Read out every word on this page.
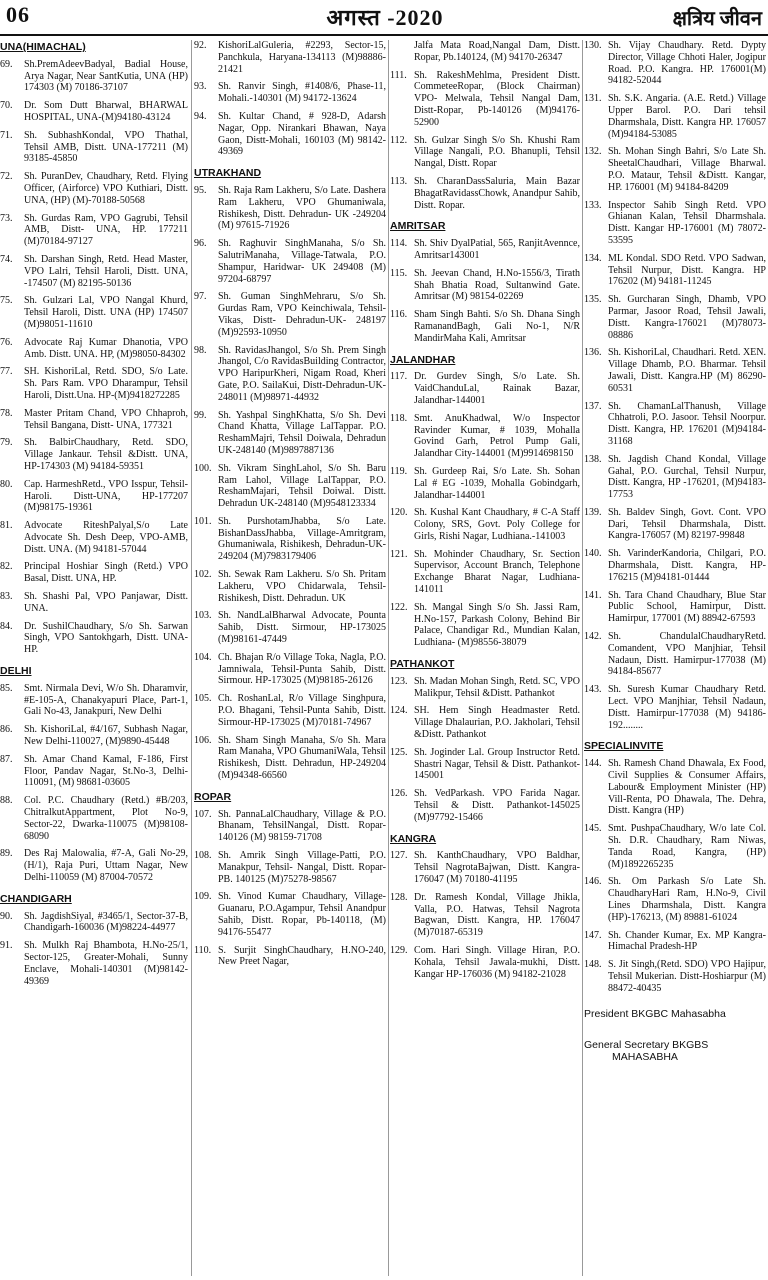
06	अगस्त -2020	क्षत्रिय जीवन
UNA(HIMACHAL)
69.	Sh.PremAdeevBadyal, Badial House, Arya Nagar, Near SantKutia, UNA (HP) 174303 (M) 70186-37107
70.	Dr. Som Dutt Bharwal, BHARWAL HOSPITAL, UNA-(M)94180-43124
71.	Sh. SubhashKondal, VPO Thathal, Tehsil AMB, Distt. UNA-177211 (M) 93185-45850
72.	Sh. PuranDev, Chaudhary, Retd. Flying Officer, (Airforce) VPO Kuthiari, Distt. UNA, (HP) (M)-70188-50568
73.	Sh. Gurdas Ram, VPO Gagrubi, Tehsil AMB, Distt- UNA, HP. 177211 (M)70184-97127
74.	Sh. Darshan Singh, Retd. Head Master, VPO Lalri, Tehsil Haroli, Distt. UNA, -174507 (M) 82195-50136
75.	Sh. Gulzari Lal, VPO Nangal Khurd, Tehsil Haroli, Distt. UNA (HP) 174507 (M)98051-11610
76.	Advocate Raj Kumar Dhanotia, VPO Amb. Distt. UNA. HP, (M)98050-84302
77.	SH. KishoriLal, Retd. SDO, S/o Late. Sh. Pars Ram. VPO Dharampur, Tehsil Haroli, Distt.Una. HP-(M)9418272285
78.	Master Pritam Chand, VPO Chhaproh, Tehsil Bangana, Distt- UNA, 177321
79.	Sh. BalbirChaudhary, Retd. SDO, Village Jankaur. Tehsil &Distt. UNA, HP-174303 (M) 94184-59351
80.	Cap. HarmeshRetd., VPO Isspur, Tehsil-Haroli. Distt-UNA, HP-177207 (M)98175-19361
81.	Advocate RiteshPalyal,S/o Late Advocate Sh. Desh Deep, VPO-AMB, Distt. UNA. (M) 94181-57044
82.	Principal Hoshiar Singh (Retd.) VPO Basal, Distt. UNA, HP.
83.	Sh. Shashi Pal, VPO Panjawar, Distt. UNA.
84.	Dr. SushilChaudhary, S/o Sh. Sarwan Singh, VPO Santokhgarh, Distt. UNA-HP.
DELHI
85.	Smt. Nirmala Devi, W/o Sh. Dharamvir, #E-105-A, Chanakyapuri Place, Part-1, Gali No-43, Janakpuri, New Delhi
86.	Sh. KishoriLal, #4/167, Subhash Nagar, New Delhi-110027, (M)9890-45448
87.	Sh. Amar Chand Kamal, F-186, First Floor, Pandav Nagar, St.No-3, Delhi-110091, (M) 98681-03605
88.	Col. P.C. Chaudhary (Retd.) #B/203, ChitralkutAppartment, Plot No-9, Sector-22, Dwarka-110075 (M)98108-68090
89.	Des Raj Malowalia, #7-A, Gali No-29, (H/1), Raja Puri, Uttam Nagar, New Delhi-110059 (M) 87004-70572
CHANDIGARH
90.	Sh. JagdishSiyal, #3465/1, Sector-37-B, Chandigarh-160036 (M)98224-44977
91.	Sh. Mulkh Raj Bhambota, H.No-25/1, Sector-125, Greater-Mohali, Sunny Enclave, Mohali-140301 (M)98142-49369
92.	KishoriLalGuleria, #2293, Sector-15, Panchkula, Haryana-134113 (M)98886-21421
93.	Sh. Ranvir Singh, #1408/6, Phase-11, Mohali.-140301 (M) 94172-13624
94.	Sh. Kultar Chand, # 928-D, Adarsh Nagar, Opp. Nirankari Bhawan, Naya Gaon, Distt-Mohali, 160103 (M) 98142-49369
UTRAKHAND
95.	Sh. Raja Ram Lakheru, S/o Late. Dashera Ram Lakheru, VPO Ghumaniwala, Rishikesh, Distt. Dehradun- UK -249204 (M) 97615-71926
96.	Sh. Raghuvir SinghManaha, S/o Sh. SalutriManaha, Village-Tatwala, P.O. Shampur, Haridwar- UK 249408 (M) 97204-68797
97.	Sh. Guman SinghMehraru, S/o Sh. Gurdas Ram, VPO Keinchiwala, Tehsil-Vikas, Distt- Dehradun-UK- 248197 (M)92593-10950
98.	Sh. RavidasJhangol, S/o Sh. Prem Singh Jhangol, C/o RavidasBuilding Contractor, VPO HaripurKheri, Nigam Road, Kheri Gate, P.O. SailaKui, Distt-Dehradun-UK-248011 (M)98971-44932
99.	Sh. Yashpal SinghKhatta, S/o Sh. Devi Chand Khatta, Village LalTappar. P.O. ReshamMajri, Tehsil Doiwala, Dehradun UK-248140 (M)9897887136
100. Sh. Vikram SinghLahol, S/o Sh. Baru Ram Lahol, Village LalTappar, P.O. ReshamMajari, Tehsil Doiwal. Distt. Dehradun UK-248140 (M)9548123334
101. Sh. PurshotamJhabba, S/o Late. BishanDassJhabba, Village-Amritgram, Ghumaniwala, Rishikesh, Dehradun-UK-249204 (M)7983179406
102. Sh. Sewak Ram Lakheru. S/o Sh. Pritam Lakheru, VPO Chidarwala, Tehsil-Rishikesh, Distt. Dehradun. UK
103. Sh. NandLalBharwal Advocate, Pounta Sahib, Distt. Sirmour, HP-173025 (M)98161-47449
104. Ch. Bhajan R/o Village Toka, Nagla, P.O. Jamniwala, Tehsil-Punta Sahib, Distt. Sirmour. HP-173025 (M)98185-26126
105. Ch. RoshanLal, R/o Village Singhpura, P.O. Bhagani, Tehsil-Punta Sahib, Distt. Sirmour-HP-173025 (M)70181-74967
106. Sh. Sham Singh Manaha, S/o Sh. Mara Ram Manaha, VPO GhumaniWala, Tehsil Rishikesh, Distt. Dehradun, HP-249204 (M)94348-66560
ROPAR
107. Sh. PannaLalChaudhary, Village & P.O. Bhanam, TehsilNangal, Distt. Ropar-140126 (M) 98159-71708
108. Sh. Amrik Singh Village-Patti, P.O. Manakpur, Tehsil- Nangal, Distt. Ropar- PB. 140125 (M)75278-98567
109. Sh. Vinod Kumar Chaudhary, Village-Guanaru, P.O.Agampur, Tehsil Anandpur Sahib, Distt. Ropar, Pb-140118, (M) 94176-55477
110. S. Surjit SinghChaudhary, H.NO-240, New Preet Nagar,
Jalfa Mata Road,Nangal Dam, Distt. Ropar, Pb.140124, (M) 94170-26347
111. Sh. RakeshMehlma, President Distt. CommeteeRopar, (Block Chairman) VPO- Melwala, Tehsil Nangal Dam, Distt-Ropar, Pb-140126 (M)94176-52900
112. Sh. Gulzar Singh S/o Sh. Khushi Ram Village Nangali, P.O. Bhanupli, Tehsil Nangal, Distt. Ropar
113. Sh. CharanDassSaluria, Main Bazar BhagatRavidassChowk, Anandpur Sahib, Distt. Ropar.
AMRITSAR
114. Sh. Shiv DyalPatial, 565, RanjitAvennce, Amritsar143001
115. Sh. Jeevan Chand, H.No-1556/3, Tirath Shah Bhatia Road, Sultanwind Gate. Amritsar (M) 98154-02269
116. Sham Singh Bahti. S/o Sh. Dhana Singh RamanandBagh, Gali No-1, N/R MandirMaha Kali, Amritsar
JALANDHAR
117. Dr. Gurdev Singh, S/o Late. Sh. VaidChanduLal, Rainak Bazar, Jalandhar-144001
118. Smt. AnuKhadwal, W/o Inspector Ravinder Kumar, # 1039, Mohalla Govind Garh, Petrol Pump Gali, Jalandhar City-144001 (M)9914698150
119. Sh. Gurdeep Rai, S/o Late. Sh. Sohan Lal # EG -1039, Mohalla Gobindgarh, Jalandhar-144001
120. Sh. Kushal Kant Chaudhary, # C-A Staff Colony, SRS, Govt. Poly College for Girls, Rishi Nagar, Ludhiana.-141003
121. Sh. Mohinder Chaudhary, Sr. Section Supervisor, Account Branch, Telephone Exchange Bharat Nagar, Ludhiana-141011
122. Sh. Mangal Singh S/o Sh. Jassi Ram, H.No-157, Parkash Colony, Behind Bir Palace, Chandigar Rd., Mundian Kalan, Ludhiana- (M)98556-38079
PATHANKOT
123. Sh. Madan Mohan Singh, Retd. SC, VPO Malikpur, Tehsil &Distt. Pathankot
124. SH. Hem Singh Headmaster Retd. Village Dhalaurian, P.O. Jakholari, Tehsil &Distt. Pathankot
125. Sh. Joginder Lal. Group Instructor Retd. Shastri Nagar, Tehsil & Distt. Pathankot-145001
126. Sh. VedParkash. VPO Farida Nagar. Tehsil & Distt. Pathankot-145025 (M)97792-15466
KANGRA
127. Sh. KanthChaudhary, VPO Baldhar, Tehsil NagrotaBajwan, Distt. Kangra-176047 (M) 70180-41195
128. Dr. Ramesh Kondal, Village Jhikla, Valla, P.O. Hatwas, Tehsil Nagrota Bagwan, Distt. Kangra, HP. 176047 (M)70187-65319
129. Com. Hari Singh. Village Hiran, P.O. Kohala, Tehsil Jawala-mukhi, Distt. Kangar HP-176036 (M) 94182-21028
130. Sh. Vijay Chaudhary. Retd. Dypty Director, Village Chhoti Haler, Jogipur Road. P.O. Kangra. HP. 176001(M) 94182-52044
131. Sh. S.K. Angaria. (A.E. Retd.) Village Upper Barol. P.O. Dari tehsil Dharmshala, Distt. Kangra HP. 176057 (M)94184-53085
132. Sh. Mohan Singh Bahri, S/o Late Sh. SheetalChaudhari, Village Bharwal. P.O. Mataur, Tehsil &Distt. Kangar, HP. 176001 (M) 94184-84209
133. Inspector Sahib Singh Retd. VPO Ghianan Kalan, Tehsil Dharmshala. Distt. Kangar HP-176001 (M) 78072-53595
134. ML Kondal. SDO Retd. VPO Sadwan, Tehsil Nurpur, Distt. Kangra. HP 176202 (M) 94181-11245
135. Sh. Gurcharan Singh, Dhamb, VPO Parmar, Jasoor Road, Tehsil Jawali, Distt. Kangra-176021 (M)78073-08886
136. Sh. KishoriLal, Chaudhari. Retd. XEN. Village Dhamb, P.O. Bharmar. Tehsil Jawali, Distt. Kangra.HP (M) 86290-60531
137. Sh. ChamanLalThanush, Village Chhatroli, P.O. Jasoor. Tehsil Noorpur. Distt. Kangra, HP. 176201 (M)94184-31168
138. Sh. Jagdish Chand Kondal, Village Gahal, P.O. Gurchal, Tehsil Nurpur, Distt. Kangra, HP -176201, (M)94183-17753
139. Sh. Baldev Singh, Govt. Cont. VPO Dari, Tehsil Dharmshala, Distt. Kangra-176057 (M) 82197-99848
140. Sh. VarinderKandoria, Chilgari, P.O. Dharmshala, Distt. Kangra, HP-176215 (M)94181-01444
141. Sh. Tara Chand Chaudhary, Blue Star Public School, Hamirpur, Distt. Hamirpur, 177001 (M) 88942-67593
142. Sh. ChandulalChaudharyRetd. Comandent, VPO Manjhiar, Tehsil Nadaun, Distt. Hamirpur-177038 (M) 94184-85677
143. Sh. Suresh Kumar Chaudhary Retd. Lect. VPO Manjhiar, Tehsil Nadaun, Distt. Hamirpur-177038 (M) 94186-192........
SPECIALINVITE
144. Sh. Ramesh Chand Dhawala, Ex Food, Civil Supplies & Consumer Affairs, Labour& Employment Minister (HP) Vill-Renta, PO Dhawala, The. Dehra, Distt. Kangra (HP)
145. Smt. PushpaChaudhary, W/o late Col. Sh. D.R. Chaudhary, Ram Niwas, Tanda Road, Kangra, (HP)(M)1892265235
146. Sh. Om Parkash S/o Late Sh. ChaudharyHari Ram, H.No-9, Civil Lines Dharmshala, Distt. Kangra (HP)-176213, (M) 89881-61024
147. Sh. Chander Kumar, Ex. MP Kangra-Himachal Pradesh-HP
148. S. Jit Singh,(Retd. SDO) VPO Hajipur, Tehsil Mukerian. Distt-Hoshiarpur (M) 88472-40435
President BKGBC Mahasabha
General Secretary BKGBS
MAHASABHA
